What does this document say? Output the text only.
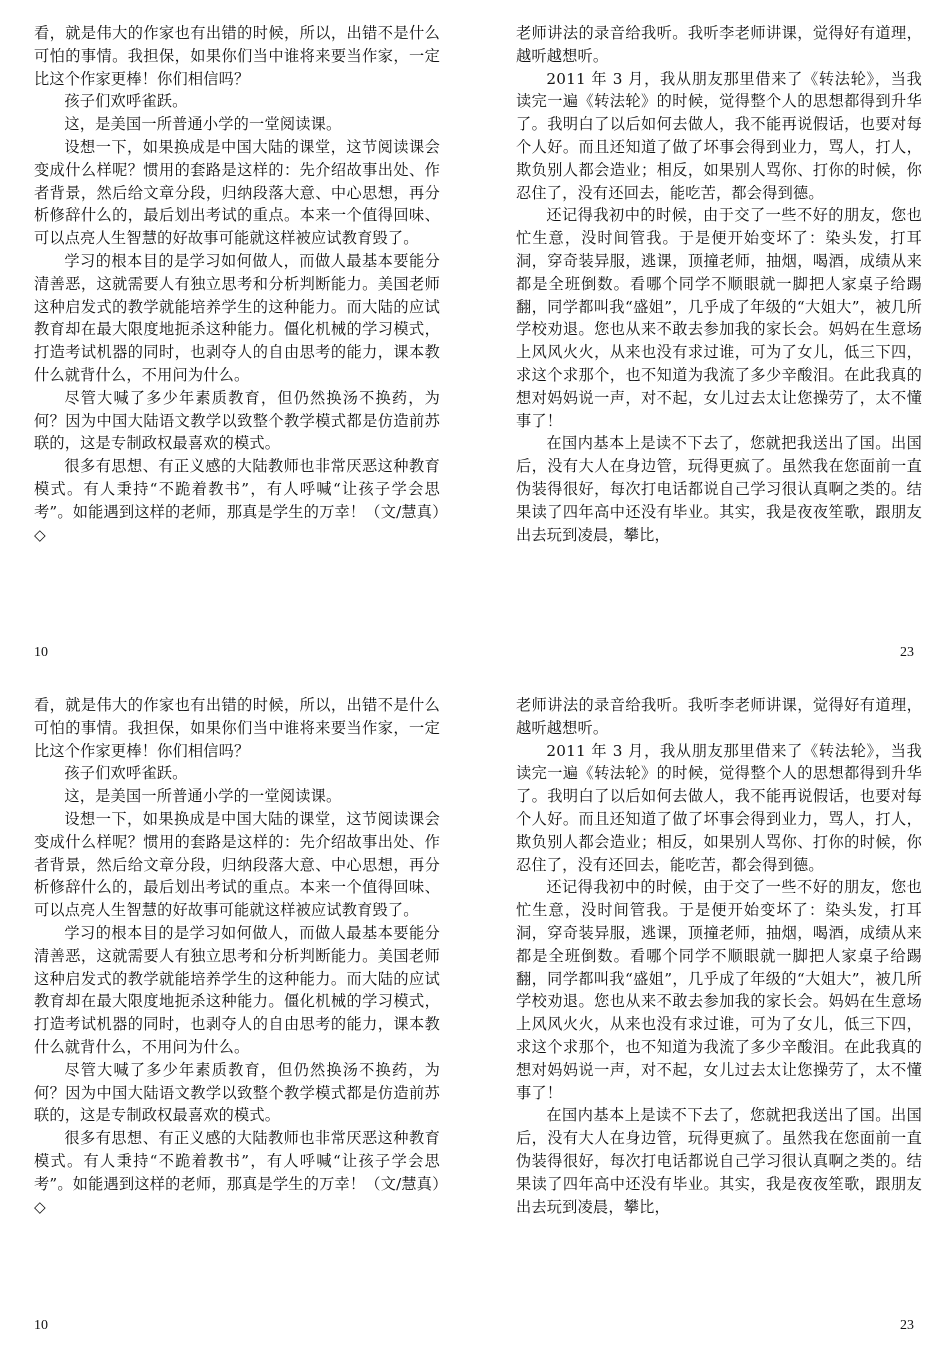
看，就是伟大的作家也有出错的时候，所以，出错不是什么可怕的事情。我担保，如果你们当中谁将来要当作家，一定比这个作家更棒！你们相信吗？

孩子们欢呼雀跃。

这，是美国一所普通小学的一堂阅读课。

设想一下，如果换成是中国大陆的课堂，这节阅读课会变成什么样呢？惯用的套路是这样的：先介绍故事出处、作者背景，然后给文章分段，归纳段落大意、中心思想，再分析修辞什么的，最后划出考试的重点。本来一个值得回味、可以点亮人生智慧的好故事可能就这样被应试教育毁了。

学习的根本目的是学习如何做人，而做人最基本要能分清善恶，这就需要人有独立思考和分析判断能力。美国老师这种启发式的教学就能培养学生的这种能力。而大陆的应试教育却在最大限度地扼杀这种能力。僵化机械的学习模式，打造考试机器的同时，也剥夺人的自由思考的能力，课本教什么就背什么，不用问为什么。

尽管大喊了多少年素质教育，但仍然换汤不换药，为何？因为中国大陆语文教学以致整个教学模式都是仿造前苏联的，这是专制政权最喜欢的模式。

很多有思想、有正义感的大陆教师也非常厌恶这种教育模式。有人秉持“不跪着教书”，有人呼喊“让孩子学会思考”。如能遇到这样的老师，那真是学生的万幸！（文/慧真）◇

10

老师讲法的录音给我听。我听李老师讲课，觉得好有道理，越听越想听。

2011 年 3 月，我从朋友那里借来了《转法轮》，当我读完一遍《转法轮》的时候，觉得整个人的思想都得到升华了。我明白了以后如何去做人，我不能再说假话，也要对每个人好。而且还知道了做了坏事会得到业力，骂人，打人，欺负别人都会造业；相反，如果别人骂你、打你的时候，你忍住了，没有还回去，能吃苦，都会得到德。

还记得我初中的时候，由于交了一些不好的朋友，您也忙生意，没时间管我。于是便开始变坏了：染头发，打耳洞，穿奇装异服，逃课，顶撞老师，抽烟，喝酒，成绩从来都是全班倒数。看哪个同学不顺眼就一脚把人家桌子给踢翻，同学都叫我“盛姐”，几乎成了年级的“大姐大”，被几所学校劝退。您也从来不敢去参加我的家长会。妈妈在生意场上风风火火，从来也没有求过谁，可为了女儿，低三下四，求这个求那个，也不知道为我流了多少辛酸泪。在此我真的想对妈妈说一声，对不起，女儿过去太让您操劳了，太不懂事了！

在国内基本上是读不下去了，您就把我送出了国。出国后，没有大人在身边管，玩得更疯了。虽然我在您面前一直伪装得很好，每次打电话都说自己学习很认真啊之类的。结果读了四年高中还没有毕业。其实，我是夜夜笙歌，跟朋友出去玩到凌晨，攀比，

23

看，就是伟大的作家也有出错的时候，所以，出错不是什么可怕的事情。我担保，如果你们当中谁将来要当作家，一定比这个作家更棒！你们相信吗？

孩子们欢呼雀跃。

这，是美国一所普通小学的一堂阅读课。

设想一下，如果换成是中国大陆的课堂，这节阅读课会变成什么样呢？惯用的套路是这样的：先介绍故事出处、作者背景，然后给文章分段，归纳段落大意、中心思想，再分析修辞什么的，最后划出考试的重点。本来一个值得回味、可以点亮人生智慧的好故事可能就这样被应试教育毁了。

学习的根本目的是学习如何做人，而做人最基本要能分清善恶，这就需要人有独立思考和分析判断能力。美国老师这种启发式的教学就能培养学生的这种能力。而大陆的应试教育却在最大限度地扼杀这种能力。僵化机械的学习模式，打造考试机器的同时，也剥夺人的自由思考的能力，课本教什么就背什么，不用问为什么。

尽管大喊了多少年素质教育，但仍然换汤不换药，为何？因为中国大陆语文教学以致整个教学模式都是仿造前苏联的，这是专制政权最喜欢的模式。

很多有思想、有正义感的大陆教师也非常厌恶这种教育模式。有人秉持“不跪着教书”，有人呼喊“让孩子学会思考”。如能遇到这样的老师，那真是学生的万幸！（文/慧真）◇

10

老师讲法的录音给我听。我听李老师讲课，觉得好有道理，越听越想听。

2011 年 3 月，我从朋友那里借来了《转法轮》，当我读完一遍《转法轮》的时候，觉得整个人的思想都得到升华了。我明白了以后如何去做人，我不能再说假话，也要对每个人好。而且还知道了做了坏事会得到业力，骂人，打人，欺负别人都会造业；相反，如果别人骂你、打你的时候，你忍住了，没有还回去，能吃苦，都会得到德。

还记得我初中的时候，由于交了一些不好的朋友，您也忙生意，没时间管我。于是便开始变坏了：染头发，打耳洞，穿奇装异服，逃课，顶撞老师，抽烟，喝酒，成绩从来都是全班倒数。看哪个同学不顺眼就一脚把人家桌子给踢翻，同学都叫我“盛姐”，几乎成了年级的“大姐大”，被几所学校劝退。您也从来不敢去参加我的家长会。妈妈在生意场上风风火火，从来也没有求过谁，可为了女儿，低三下四，求这个求那个，也不知道为我流了多少辛酸泪。在此我真的想对妈妈说一声，对不起，女儿过去太让您操劳了，太不懂事了！

在国内基本上是读不下去了，您就把我送出了国。出国后，没有大人在身边管，玩得更疯了。虽然我在您面前一直伪装得很好，每次打电话都说自己学习很认真啊之类的。结果读了四年高中还没有毕业。其实，我是夜夜笙歌，跟朋友出去玩到凌晨，攀比，

23
